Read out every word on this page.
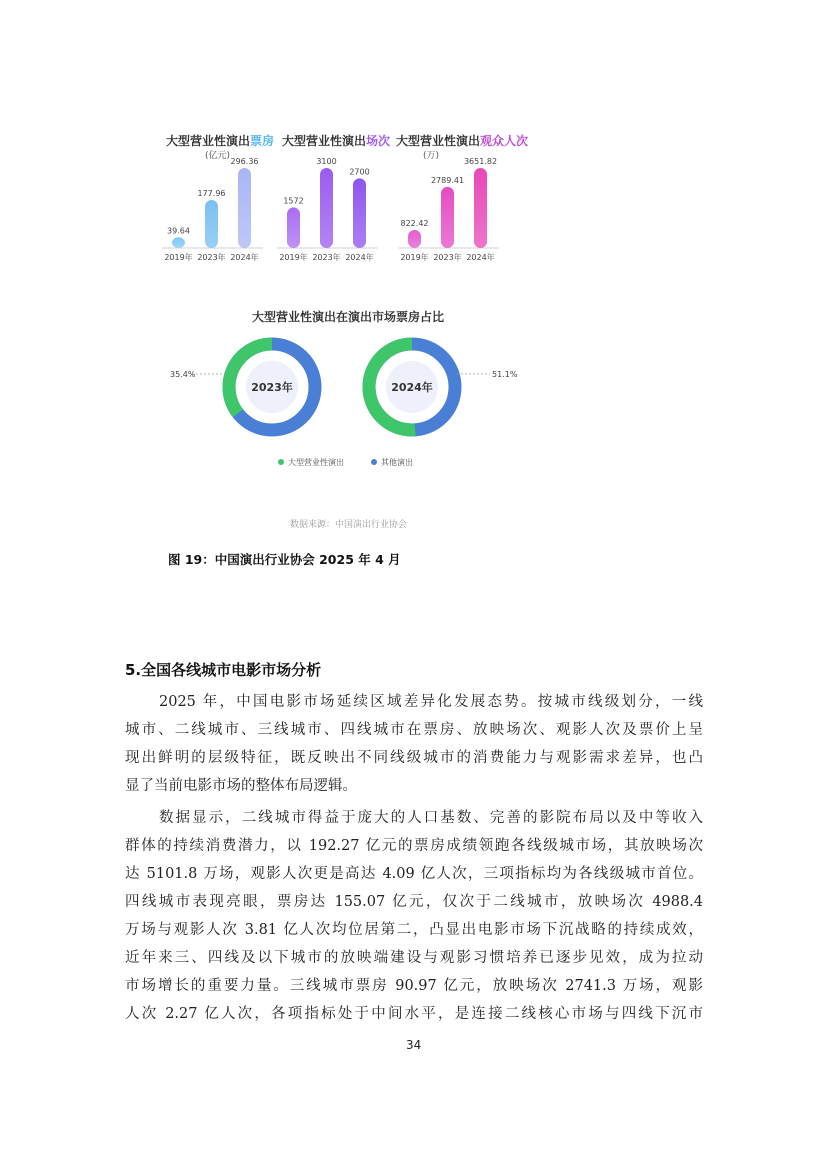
大型营业性演出票房
(亿元)
大型营业性演出场次 大型营业性演出观众人次
(万)
39.64
2019年
177.96
2023年
296.36
2024年
1572
2019年
3100
2023年
2700
2024年
822.42
2019年
2789.41
2023年
3651.82
2024年
大型营业性演出在演出市场票房占比
2023年
35.4%
2024年
51.1%
大型营业性演出	其他演出
数据来源：中国演出行业协会
图 19：中国演出行业协会 2025 年 4 月
5.全国各线城市电影市场分析
2025 年，中国电影市场延续区域差异化发展态势。按城市线级划分，一线
城市、二线城市、三线城市、四线城市在票房、放映场次、观影人次及票价上呈
现出鲜明的层级特征，既反映出不同线级城市的消费能力与观影需求差异，也凸
显了当前电影市场的整体布局逻辑。
数据显示，二线城市得益于庞大的人口基数、完善的影院布局以及中等收入
群体的持续消费潜力，以 192.27 亿元的票房成绩领跑各线级城市场，其放映场次
达 5101.8 万场，观影人次更是高达 4.09 亿人次，三项指标均为各线级城市首位。
四线城市表现亮眼，票房达 155.07 亿元，仅次于二线城市，放映场次 4988.4
万场与观影人次 3.81 亿人次均位居第二，凸显出电影市场下沉战略的持续成效，
近年来三、四线及以下城市的放映端建设与观影习惯培养已逐步见效，成为拉动
市场增长的重要力量。三线城市票房 90.97 亿元，放映场次 2741.3 万场，观影
人次 2.27 亿人次，各项指标处于中间水平，是连接二线核心市场与四线下沉市
34
